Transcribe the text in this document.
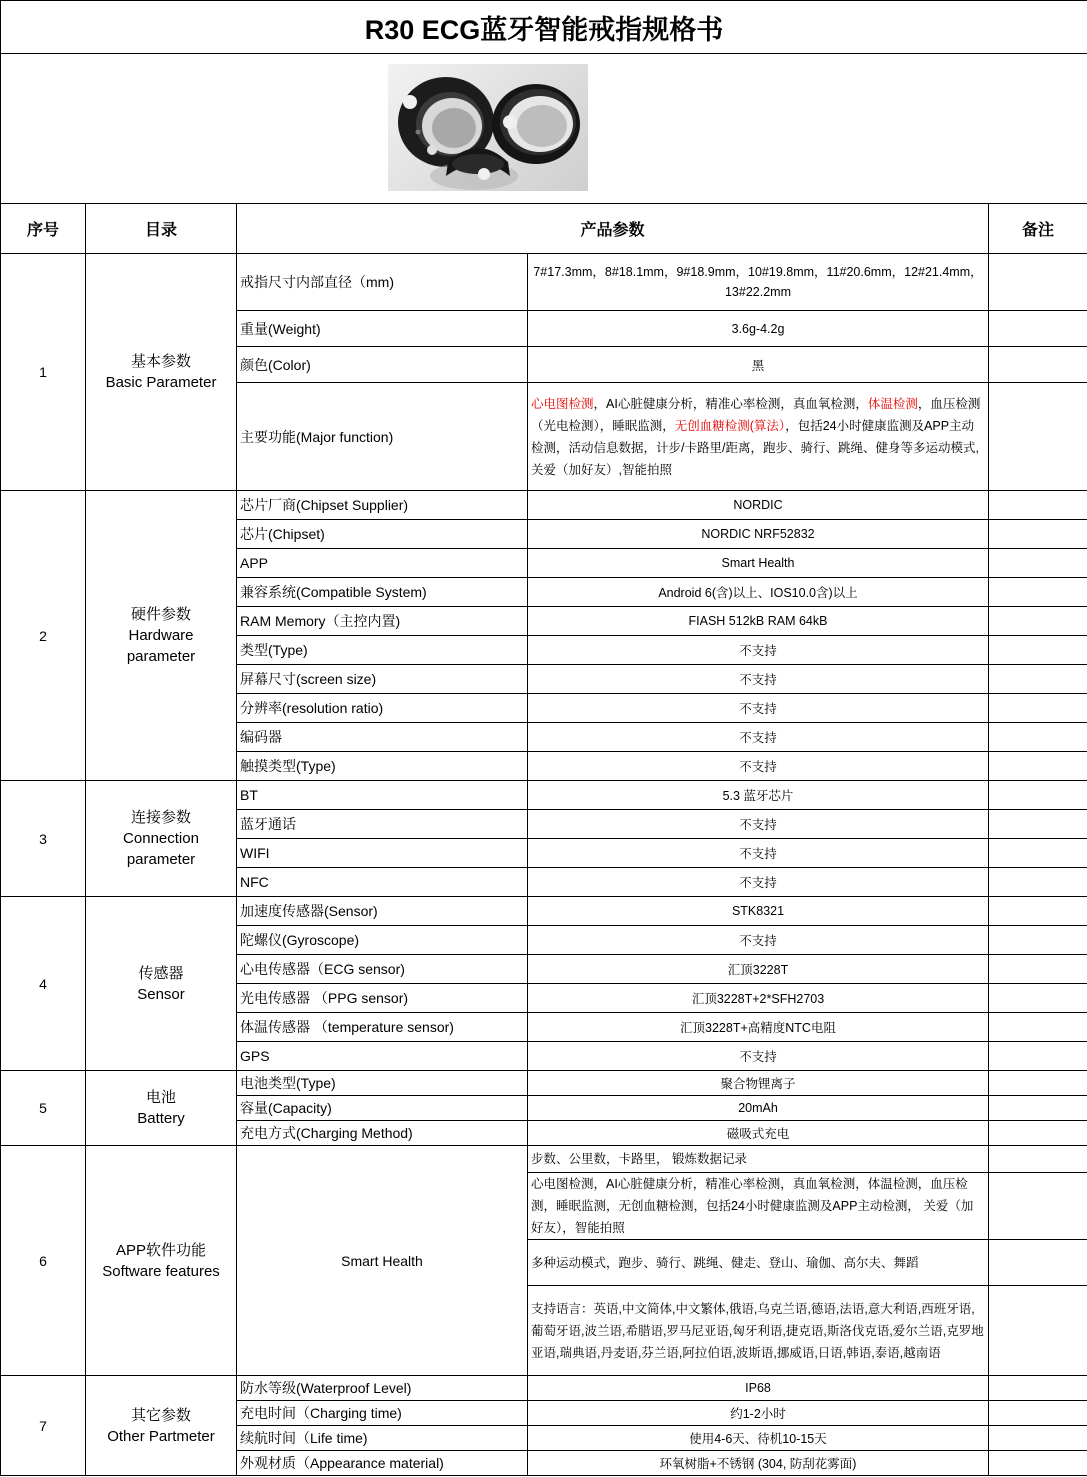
R30 ECG蓝牙智能戒指规格书				

序号	目录	产品参数		备注
1	基本参数
Basic Parameter	戒指尺寸内部直径（mm)	7#17.3mm，8#18.1mm，9#18.9mm，10#19.8mm，11#20.6mm，12#21.4mm，13#22.2mm	
		重量(Weight)	3.6g-4.2g	
		颜色(Color)	黑	
		主要功能(Major function)	心电图检测，AI心脏健康分析，精准心率检测，真血氧检测，体温检测，血压检测（光电检测），睡眠监测，无创血糖检测(算法），包括24小时健康监测及APP主动检测，活动信息数据，计步/卡路里/距离，跑步、骑行、跳绳、健身等多运动模式,关爱（加好友）,智能拍照	
2	硬件参数
Hardware
parameter	芯片厂商(Chipset Supplier)	NORDIC	
		芯片(Chipset)	NORDIC NRF52832	
		APP	Smart Health	
		兼容系统(Compatible System)	Android 6(含)以上、IOS10.0含)以上	
		RAM Memory（主控内置)	FIASH 512kB RAM 64kB	
		类型(Type)	不支持	
		屏幕尺寸(screen size)	不支持	
		分辨率(resolution ratio)	不支持	
		编码器	不支持	
		触摸类型(Type)	不支持	
3	连接参数
Connection
parameter	BT	5.3 蓝牙芯片	
		蓝牙通话	不支持	
		WIFI	不支持	
		NFC	不支持	
4	传感器
Sensor	加速度传感器(Sensor)	STK8321	
		陀螺仪(Gyroscope)	不支持	
		心电传感器（ECG sensor)	汇顶3228T	
		光电传感器 （PPG sensor)	汇顶3228T+2*SFH2703	
		体温传感器 （temperature sensor)	汇顶3228T+高精度NTC电阻	
		GPS	不支持	
5	电池
Battery	电池类型(Type)	聚合物锂离子	
		容量(Capacity)	20mAh	
		充电方式(Charging Method)	磁吸式充电	
6	APP软件功能
Software features	Smart Health	步数、公里数，卡路里， 锻炼数据记录	
			心电图检测，AI心脏健康分析，精准心率检测，真血氧检测，体温检测，血压检测，睡眠监测，无创血糖检测，包括24小时健康监测及APP主动检测， 关爱（加好友），智能拍照	
			多种运动模式，跑步、骑行、跳绳、健走、登山、瑜伽、高尔夫、舞蹈	
			支持语言：英语,中文简体,中文繁体,俄语,乌克兰语,德语,法语,意大利语,西班牙语,葡萄牙语,波兰语,希腊语,罗马尼亚语,匈牙利语,捷克语,斯洛伐克语,爱尔兰语,克罗地亚语,瑞典语,丹麦语,芬兰语,阿拉伯语,波斯语,挪威语,日语,韩语,泰语,越南语	
7	其它参数
Other Partmeter	防水等级(Waterproof Level)	IP68	
		充电时间（Charging time)	约1-2小时	
		续航时间（Life time)	使用4-6天、待机10-15天	
		外观材质（Appearance material)	环氧树脂+不锈钢 (304, 防刮花雾面)	
